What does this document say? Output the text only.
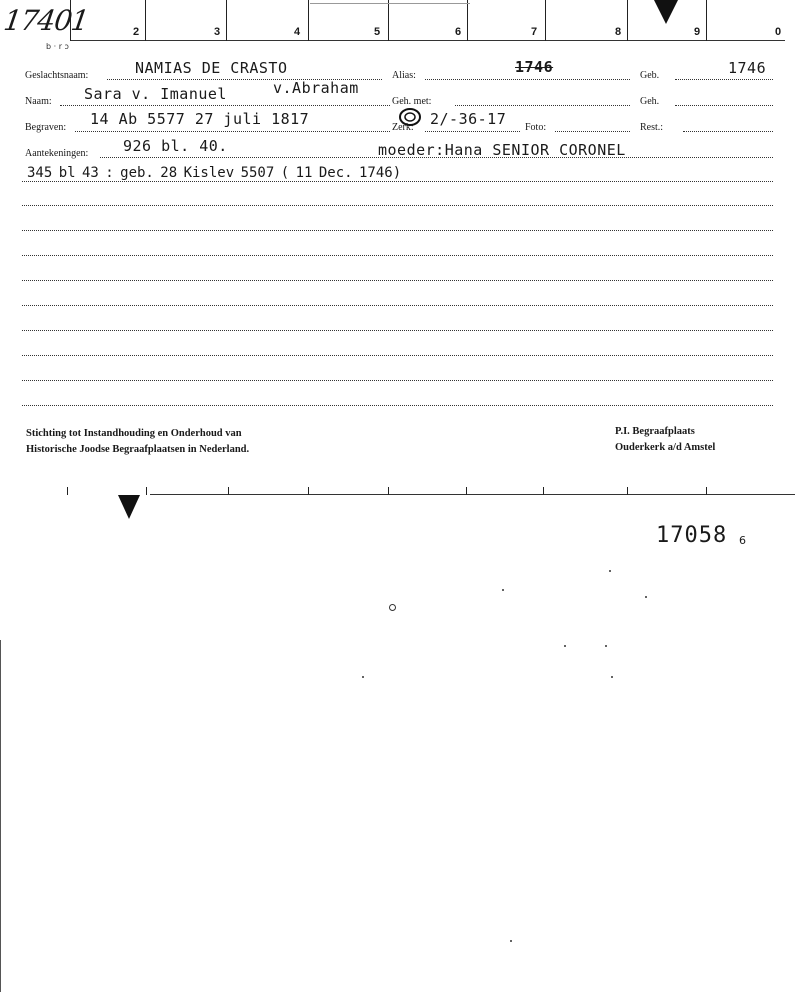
2	3	4	5	6	7	8	9	0
17401
b · r ɔ
Geslachtsnaam:	NAMIAS DE CRASTO	Alias:	1746	Geb.	1746
Naam: Sara v. Imanuel	v.Abraham
Geh. met:	Geh.
Begraven: 14 Ab 5577 27 juli 1817	Zerk: 2/-36-17 Foto:	Rest.:
Aantekeningen: 926 bl. 40.	moeder:Hana SENIOR CORONEL
345 bl 43 : geb. 28 Kislev 5507 ( 11 Dec. 1746)
Stichting tot Instandhouding en Onderhoud van
Historische Joodse Begraafplaatsen in Nederland.
P.I. Begraafplaats
Ouderkerk a/d Amstel
17058 6
